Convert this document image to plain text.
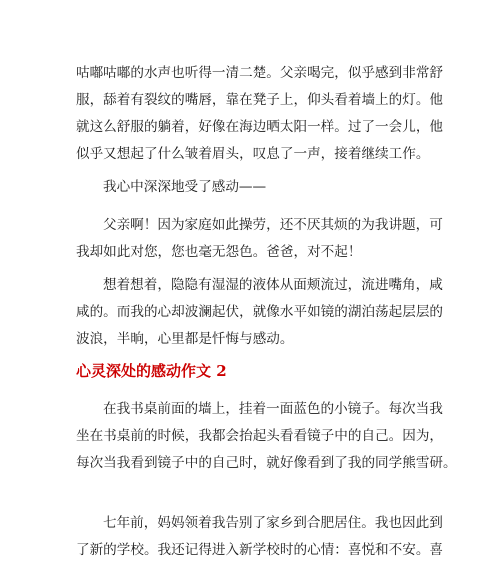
咕嘟咕嘟的水声也听得一清二楚。父亲喝完，似乎感到非常舒
服，舔着有裂纹的嘴唇，靠在凳子上，仰头看着墙上的灯。他
就这么舒服的躺着，好像在海边晒太阳一样。过了一会儿，他
似乎又想起了什么皱着眉头，叹息了一声，接着继续工作。
我心中深深地受了感动——
父亲啊！因为家庭如此操劳，还不厌其烦的为我讲题，可
我却如此对您，您也毫无怨色。爸爸，对不起！
想着想着，隐隐有湿湿的液体从面颊流过，流进嘴角，咸
咸的。而我的心却波澜起伏，就像水平如镜的湖泊荡起层层的
波浪，半晌，心里都是忏悔与感动。
心灵深处的感动作文 2
在我书桌前面的墙上，挂着一面蓝色的小镜子。每次当我
坐在书桌前的时候，我都会抬起头看看镜子中的自己。因为，
每次当我看到镜子中的自己时，就好像看到了我的同学熊雪研。
七年前，妈妈领着我告别了家乡到合肥居住。我也因此到
了新的学校。我还记得进入新学校时的心情：喜悦和不安。喜
